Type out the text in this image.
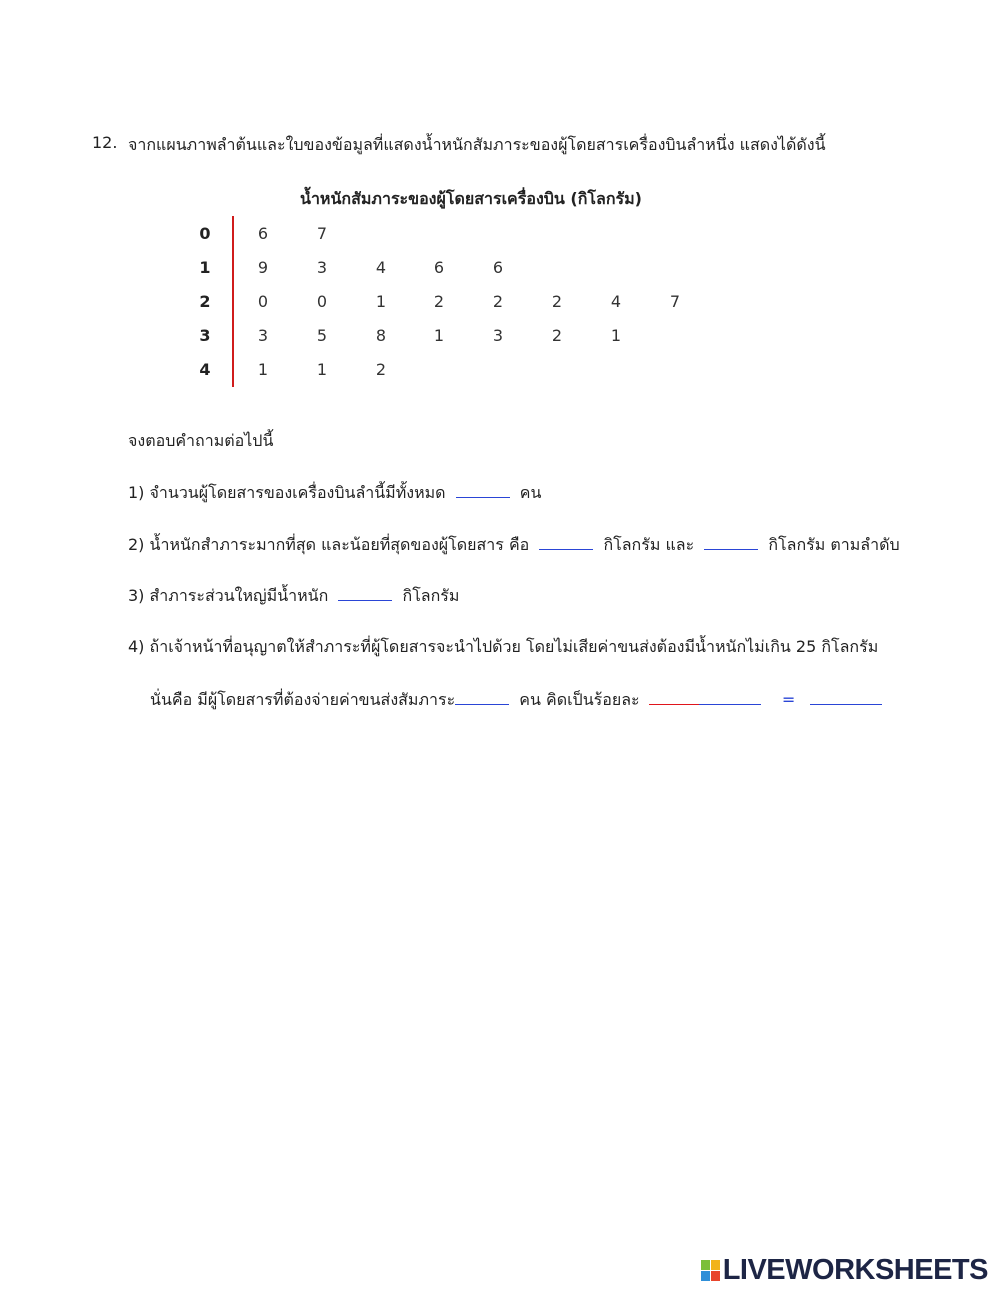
12. จากแผนภาพลำต้นและใบของข้อมูลที่แสดงน้ำหนักสัมภาระของผู้โดยสารเครื่องบินลำหนึ่ง แสดงได้ดังนี้
น้ำหนักสัมภาระของผู้โดยสารเครื่องบิน (กิโลกรัม)
0	6	7
1	9	3	4	6	6
2	0	0	1	2	2	2	4	7
3	3	5	8	1	3	2	1
4	1	1	2
จงตอบคำถามต่อไปนี้
1) จำนวนผู้โดยสารของเครื่องบินลำนี้มีทั้งหมด	คน
2) น้ำหนักสำภาระมากที่สุด และน้อยที่สุดของผู้โดยสาร คือ	กิโลกรัม และ	กิโลกรัม ตามลำดับ
3) สำภาระส่วนใหญ่มีน้ำหนัก	กิโลกรัม
4) ถ้าเจ้าหน้าที่อนุญาตให้สำภาระที่ผู้โดยสารจะนำไปด้วย โดยไม่เสียค่าขนส่งต้องมีน้ำหนักไม่เกิน 25 กิโลกรัม
นั่นคือ มีผู้โดยสารที่ต้องจ่ายค่าขนส่งสัมภาระ	คน คิดเป็นร้อยละ	=
LIVEWORKSHEETS
